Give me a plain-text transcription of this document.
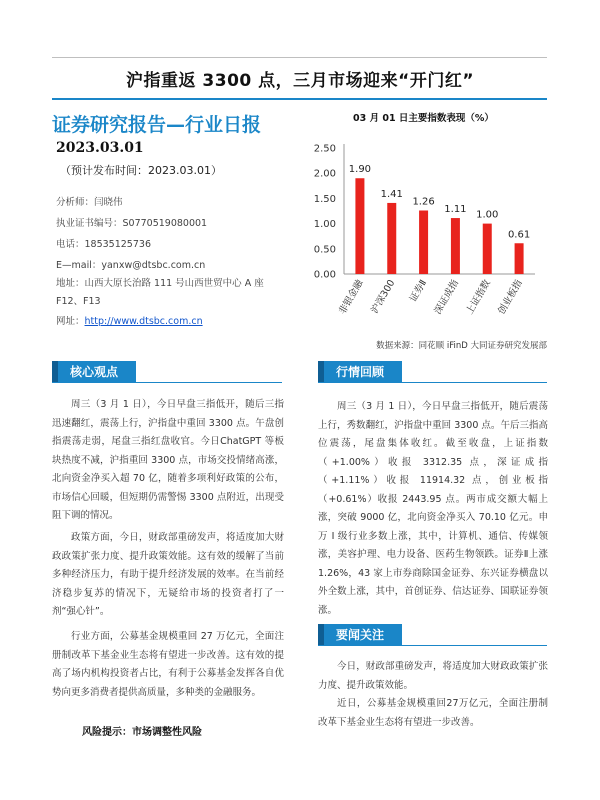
沪指重返 3300 点，三月市场迎来“开门红”
证券研究报告—行业日报
2023.03.01
（预计发布时间：2023.03.01）
分析师：闫晓伟
执业证书编号：S0770519080001
电话：18535125736
E—mail：yanxw@dtsbc.com.cn
地址：山西大原长治路 111 号山西世贸中心 A 座 F12、F13
网址：http://www.dtsbc.com.cn
03 月 01 日主要指数表现（%）
0.00
0.50
1.00
1.50
2.00
2.50
1.90
非银金融
1.41
沪深300
1.26
证券Ⅱ
1.11
深证成指
1.00
上证指数
0.61
创业板指
数据来源：同花顺 iFinD 大同证券研究发展部
核心观点
周三（3 月 1 日），今日早盘三指低开，随后三指迅速翻红，震荡上行，沪指盘中重回 3300 点。午盘创指震荡走弱，尾盘三指红盘收官。今日ChatGPT 等板块热度不减，沪指重回 3300 点，市场交投情绪高涨，北向资金净买入超 70 亿，随着多项利好政策的公布，市场信心回暖，但短期仍需警惕 3300 点附近，出现受阻下调的情况。
政策方面，今日，财政部重磅发声，将适度加大财政政策扩张力度、提升政策效能。这有效的缓解了当前多种经济压力，有助于提升经济发展的效率。在当前经济稳步复苏的情况下，无疑给市场的投资者打了一剂“强心针”。
行业方面，公募基金规模重回 27 万亿元，全面注册制改革下基金业生态将有望进一步改善。这有效的提高了场内机构投资者占比，有利于公募基金发挥各自优势向更多消费者提供高质量，多种类的金融服务。
风险提示：市场调整性风险
行情回顾
周三（3 月 1 日），今日早盘三指低开，随后震荡上行，秀数翻红，沪指盘中重回 3300 点。午后三指高位震荡，尾盘集体收红。截至收盘，上证指数（+1.00%）收报 3312.35 点，深证成指（+1.11%）收报 11914.32 点，创业板指（+0.61%）收报 2443.95 点。两市成交额大幅上涨，突破 9000 亿，北向资金净买入 70.10 亿元。申万 I 级行业多数上涨，其中，计算机、通信、传媒领涨，美容护理、电力设备、医药生物领跌。证券Ⅱ上涨 1.26%，43 家上市券商除国金证券、东兴证券横盘以外全数上涨，其中，首创证券、信达证券、国联证券领涨。
要闻关注
今日，财政部重磅发声，将适度加大财政政策扩张力度、提升政策效能。
近日，公募基金规模重回27万亿元，全面注册制改革下基金业生态将有望进一步改善。
